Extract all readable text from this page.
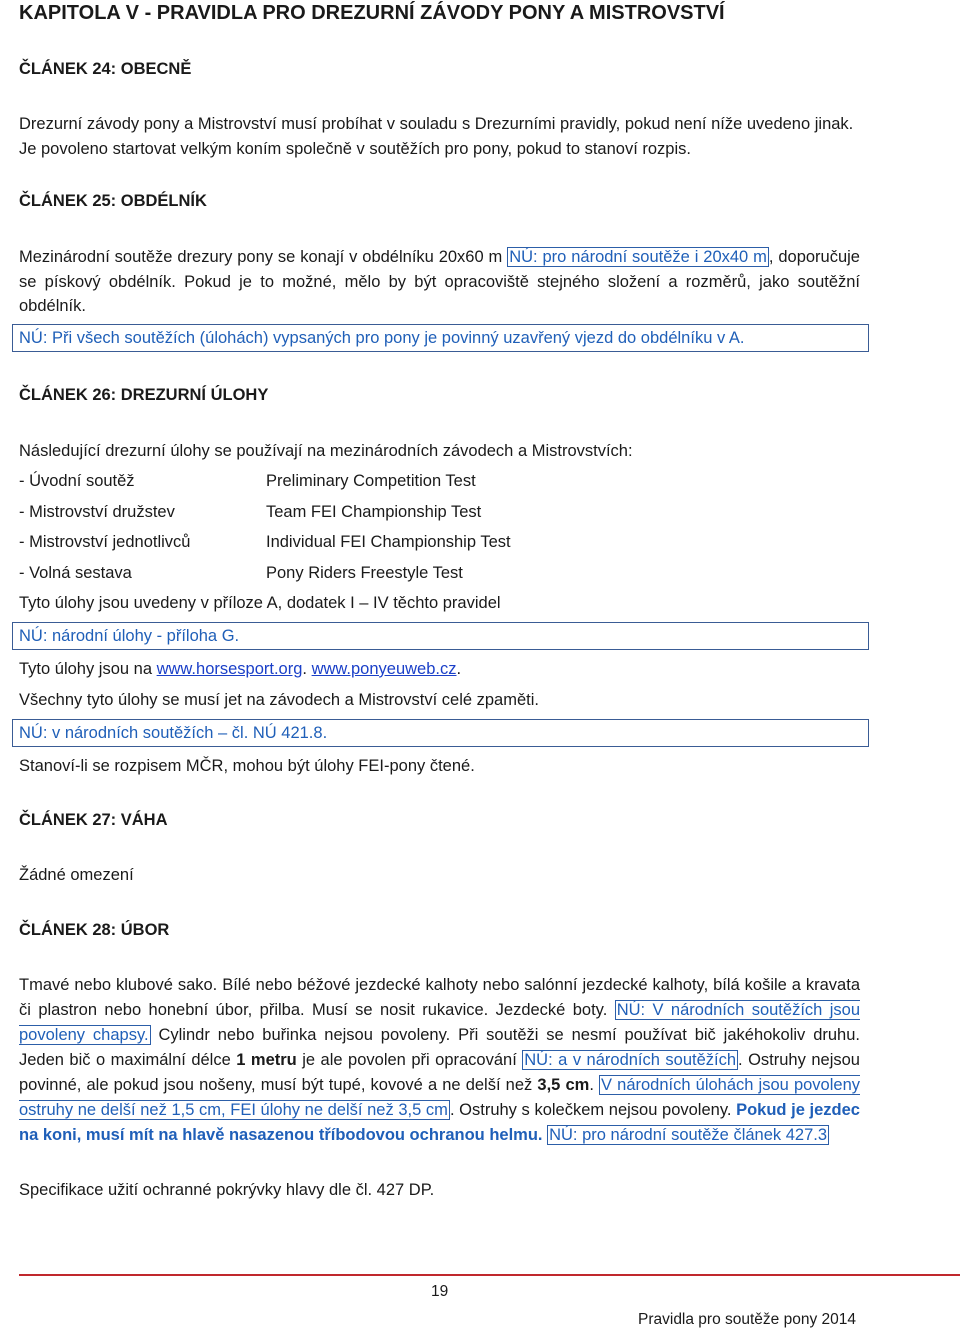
KAPITOLA V - PRAVIDLA PRO DREZURNÍ ZÁVODY PONY A MISTROVSTVÍ
ČLÁNEK 24: OBECNĚ
Drezurní závody pony a Mistrovství musí probíhat v souladu s Drezurními pravidly, pokud není níže uvedeno jinak. Je povoleno startovat velkým koním společně v soutěžích pro pony, pokud to stanoví rozpis.
ČLÁNEK 25: OBDÉLNÍK
Mezinárodní soutěže drezury pony se konají v obdélníku 20x60 m NÚ: pro národní soutěže i 20x40 m , doporučuje se pískový obdélník. Pokud je to možné, mělo by být opracoviště stejného složení a rozměrů, jako soutěžní obdélník.
NÚ: Při všech soutěžích (úlohách) vypsaných pro pony je povinný uzavřený vjezd do obdélníku v A.
ČLÁNEK 26: DREZURNÍ ÚLOHY
Následující drezurní úlohy se používají na mezinárodních závodech a Mistrovstvích:
- Úvodní soutěž	Preliminary Competition Test
- Mistrovství družstev	Team FEI Championship Test
- Mistrovství jednotlivců	Individual FEI Championship Test
- Volná sestava	Pony Riders Freestyle Test
Tyto úlohy jsou uvedeny v příloze A, dodatek I – IV těchto pravidel
NÚ: národní úlohy - příloha G.
Tyto úlohy jsou na www.horsesport.org. www.ponyeuweb.cz.
Všechny tyto úlohy se musí jet na závodech a Mistrovství celé zpaměti.
NÚ: v národních soutěžích – čl. NÚ 421.8.
Stanoví-li se rozpisem MČR, mohou být úlohy FEI-pony čtené.
ČLÁNEK 27: VÁHA
Žádné omezení
ČLÁNEK 28: ÚBOR
Tmavé nebo klubové sako. Bílé nebo béžové jezdecké kalhoty nebo salónní jezdecké kalhoty, bílá košile a kravata či plastron nebo honební úbor, přilba. Musí se nosit rukavice. Jezdecké boty. NÚ: V národních soutěžích jsou povoleny chapsy. Cylindr nebo buřinka nejsou povoleny. Při soutěži se nesmí používat bič jakéhokoliv druhu. Jeden bič o maximální délce 1 metru je ale povolen při opracování NÚ: a v národních soutěžích . Ostruhy nejsou povinné, ale pokud jsou nošeny, musí být tupé, kovové a ne delší než 3,5 cm. V národních úlohách jsou povoleny ostruhy ne delší než 1,5 cm, FEI úlohy ne delší než 3,5 cm . Ostruhy s kolečkem nejsou povoleny. Pokud je jezdec na koni, musí mít na hlavě nasazenou tříbodovou ochranou helmu. NÚ: pro národní soutěže článek 427.3
Specifikace užití ochranné pokrývky hlavy dle čl. 427 DP.
19
Pravidla pro soutěže pony 2014
